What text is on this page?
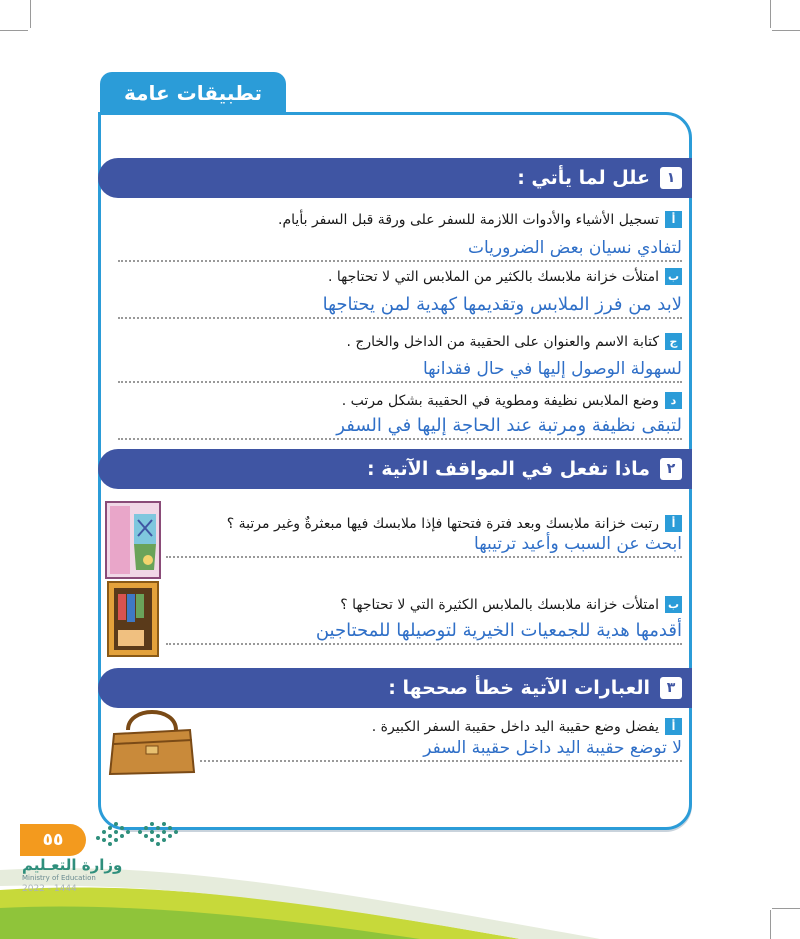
تطبيقات عامة
١
علل لما يأتي :
أ
تسجيل الأشياء والأدوات اللازمة للسفر على ورقة قبل السفر بأيام.
لتفادي نسيان بعض الضروريات
ب
امتلأت خزانة ملابسك بالكثير من الملابس التي لا تحتاجها .
لابد من فرز الملابس وتقديمها كهدية لمن يحتاجها
ج
كتابة الاسم والعنوان على الحقيبة من الداخل والخارج .
لسهولة الوصول إليها في حال فقدانها
د
وضع الملابس نظيفة ومطوية في الحقيبة بشكل مرتب .
لتبقى نظيفة ومرتبة عند الحاجة إليها في السفر
٢
ماذا تفعل في المواقف الآتية :
أ
رتبت خزانة ملابسك وبعد فترة فتحتها فإذا ملابسك فيها مبعثرةٌ وغير مرتبة ؟
ابحث عن السبب وأعيد ترتيبها
ب
امتلأت خزانة ملابسك بالملابس الكثيرة التي لا تحتاجها ؟
أقدمها هدية للجمعيات الخيرية لتوصيلها للمحتاجين
٣
العبارات الآتية خطأ صححها :
أ
يفضل وضع حقيبة اليد داخل حقيبة السفر الكبيرة .
لا توضع حقيبة اليد داخل حقيبة السفر
٥٥
وزارة التعـليم
Ministry of Education
2022 - 1444
